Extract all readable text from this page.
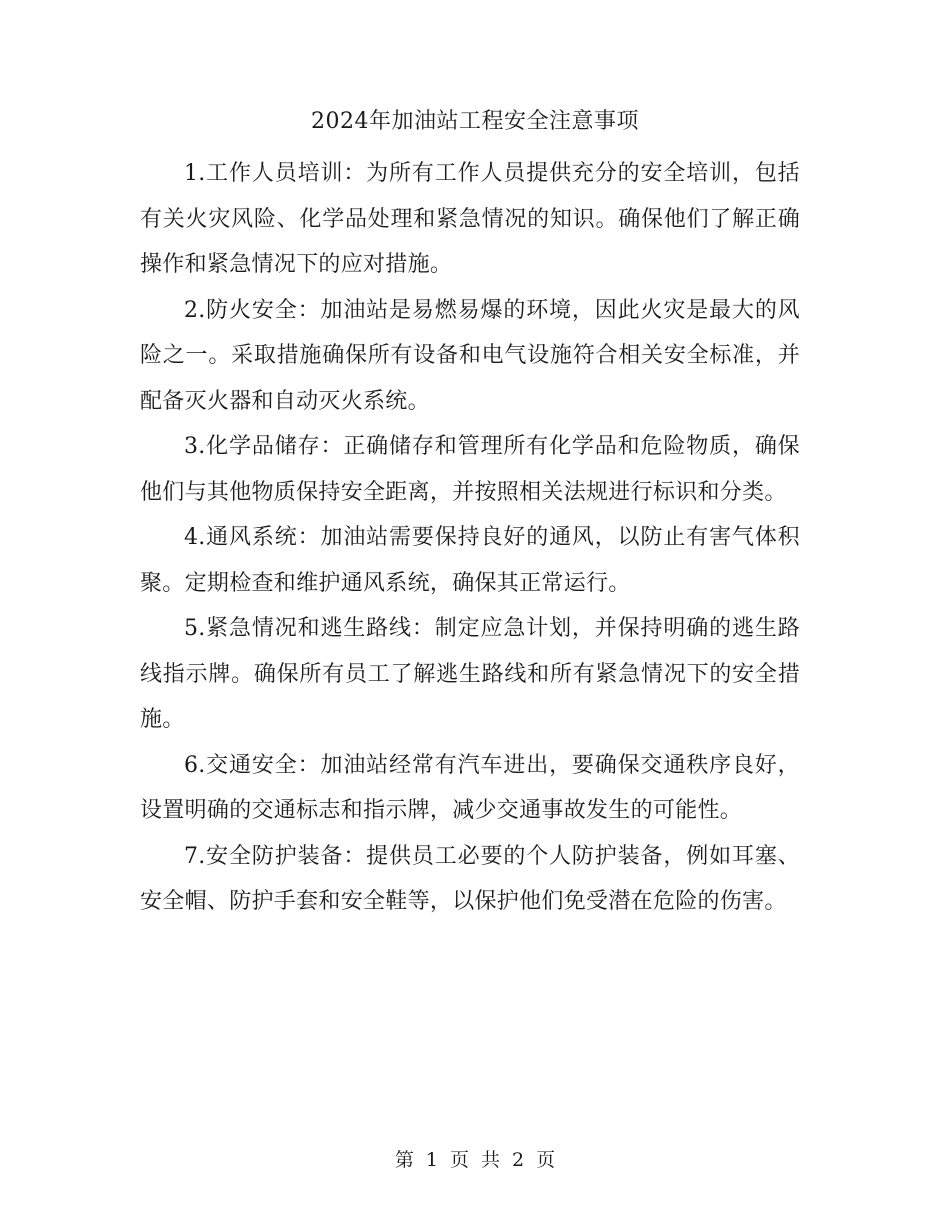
2024年加油站工程安全注意事项

1.工作人员培训：为所有工作人员提供充分的安全培训，包括有关火灾风险、化学品处理和紧急情况的知识。确保他们了解正确操作和紧急情况下的应对措施。

2.防火安全：加油站是易燃易爆的环境，因此火灾是最大的风险之一。采取措施确保所有设备和电气设施符合相关安全标准，并配备灭火器和自动灭火系统。

3.化学品储存：正确储存和管理所有化学品和危险物质，确保他们与其他物质保持安全距离，并按照相关法规进行标识和分类。

4.通风系统：加油站需要保持良好的通风，以防止有害气体积聚。定期检查和维护通风系统，确保其正常运行。

5.紧急情况和逃生路线：制定应急计划，并保持明确的逃生路线指示牌。确保所有员工了解逃生路线和所有紧急情况下的安全措施。

6.交通安全：加油站经常有汽车进出，要确保交通秩序良好，设置明确的交通标志和指示牌，减少交通事故发生的可能性。

7.安全防护装备：提供员工必要的个人防护装备，例如耳塞、安全帽、防护手套和安全鞋等，以保护他们免受潜在危险的伤害。

第 1 页 共 2 页
